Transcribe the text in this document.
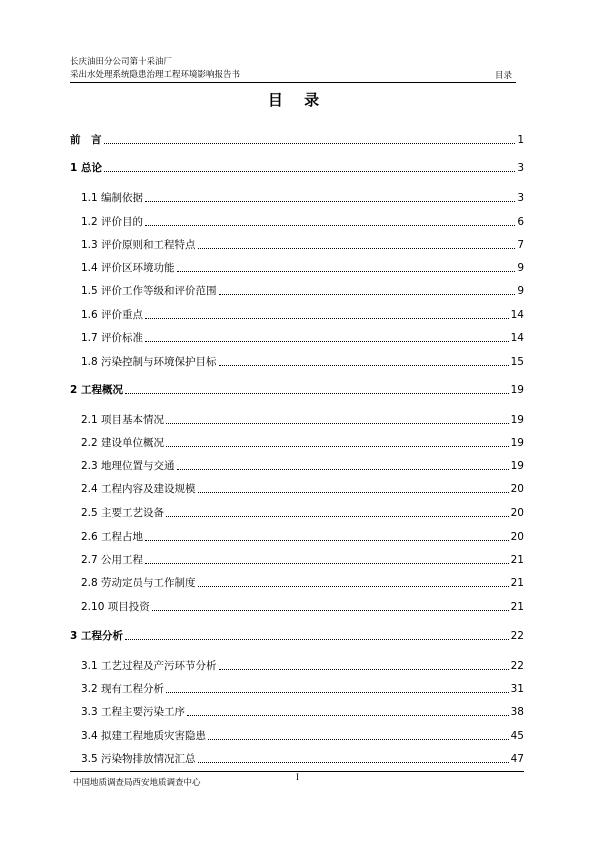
长庆油田分公司第十采油厂
采出水处理系统隐患治理工程环境影响报告书	目录
目 录
前　言	1
1 总论	3
1.1 编制依据	3
1.2 评价目的	6
1.3 评价原则和工程特点	7
1.4 评价区环境功能	9
1.5 评价工作等级和评价范围	9
1.6 评价重点	14
1.7 评价标准	14
1.8 污染控制与环境保护目标	15
2 工程概况	19
2.1 项目基本情况	19
2.2 建设单位概况	19
2.3 地理位置与交通	19
2.4 工程内容及建设规模	20
2.5 主要工艺设备	20
2.6 工程占地	20
2.7 公用工程	21
2.8 劳动定员与工作制度	21
2.10 项目投资	21
3 工程分析	22
3.1 工艺过程及产污环节分析	22
3.2 现有工程分析	31
3.3 工程主要污染工序	38
3.4 拟建工程地质灾害隐患	45
3.5 污染物排放情况汇总	47
中国地质调查局西安地质调查中心
I
